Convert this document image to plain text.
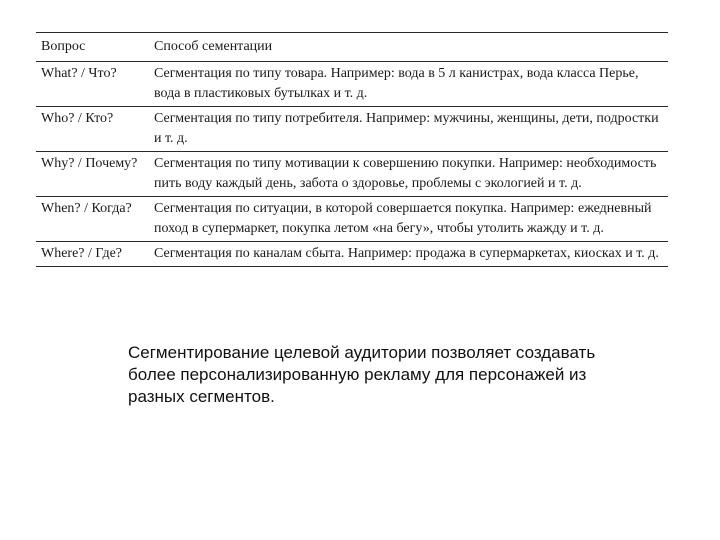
Вопрос	Способ сементации
What? / Что?	Сегментация по типу товара. Например: вода в 5 л канистрах, вода класса Перье, вода в пластиковых бутылках и т. д.
Who? / Кто?	Сегментация по типу потребителя. Например: мужчины, женщины, дети, подростки и т. д.
Why? / Почему?	Сегментация по типу мотивации к совершению покупки. Например: необходимость пить воду каждый день, забота о здоровье, проблемы с экологией и т. д.
When? / Когда?	Сегментация по ситуации, в которой совершается покупка. Например: ежедневный поход в супермаркет, покупка летом «на бегу», чтобы утолить жажду и т. д.
Where? / Где?	Сегментация по каналам сбыта. Например: продажа в супермаркетах, киосках и т. д.
Сегментирование целевой аудитории позволяет создавать более персонализированную рекламу для персонажей из разных сегментов.
